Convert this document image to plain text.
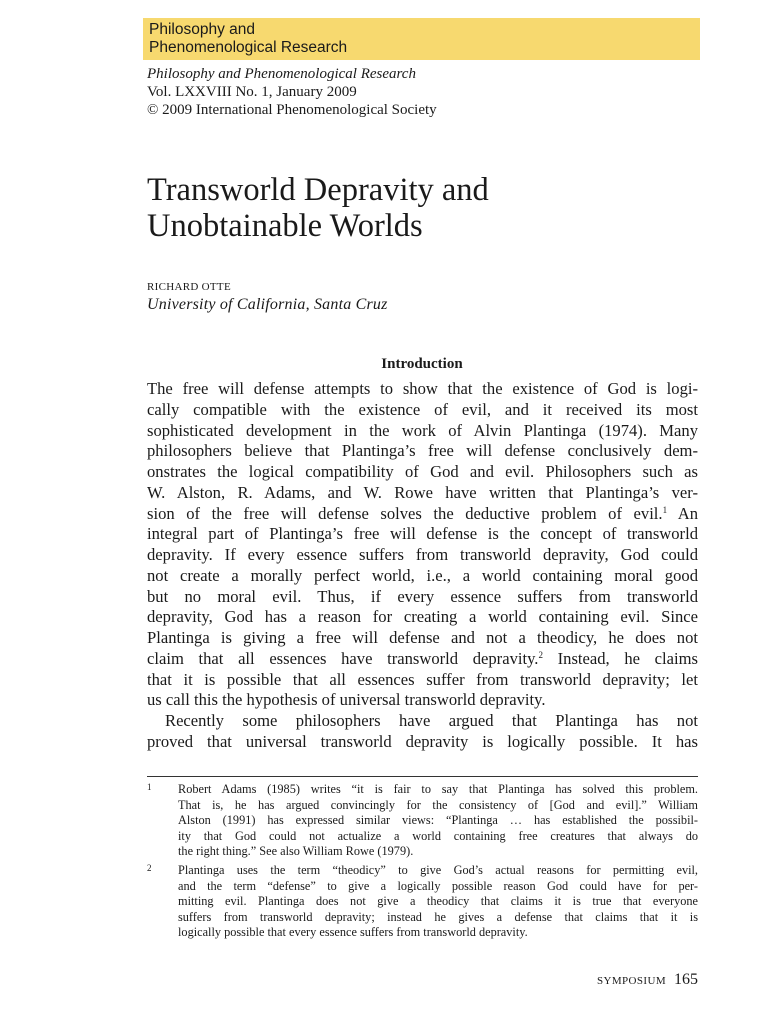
Philosophy and
Phenomenological Research
Philosophy and Phenomenological Research
Vol. LXXVIII No. 1, January 2009
© 2009 International Phenomenological Society
Transworld Depravity and
Unobtainable Worlds
RICHARD OTTE
University of California, Santa Cruz
Introduction
The free will defense attempts to show that the existence of God is logi-
cally compatible with the existence of evil, and it received its most
sophisticated development in the work of Alvin Plantinga (1974). Many
philosophers believe that Plantinga’s free will defense conclusively dem-
onstrates the logical compatibility of God and evil. Philosophers such as
W. Alston, R. Adams, and W. Rowe have written that Plantinga’s ver-
sion of the free will defense solves the deductive problem of evil.$^1$ An
integral part of Plantinga’s free will defense is the concept of transworld
depravity. If every essence suffers from transworld depravity, God could
not create a morally perfect world, i.e., a world containing moral good
but no moral evil. Thus, if every essence suffers from transworld
depravity, God has a reason for creating a world containing evil. Since
Plantinga is giving a free will defense and not a theodicy, he does not
claim that all essences have transworld depravity.$^2$ Instead, he claims
that it is possible that all essences suffer from transworld depravity; let
us call this the hypothesis of universal transworld depravity.
Recently some philosophers have argued that Plantinga has not
proved that universal transworld depravity is logically possible. It has
1 Robert Adams (1985) writes “it is fair to say that Plantinga has solved this problem.
That is, he has argued convincingly for the consistency of [God and evil].” William
Alston (1991) has expressed similar views: “Plantinga … has established the possibil-
ity that God could not actualize a world containing free creatures that always do
the right thing.” See also William Rowe (1979).
2 Plantinga uses the term “theodicy” to give God’s actual reasons for permitting evil,
and the term “defense” to give a logically possible reason God could have for per-
mitting evil. Plantinga does not give a theodicy that claims it is true that everyone
suffers from transworld depravity; instead he gives a defense that claims that it is
logically possible that every essence suffers from transworld depravity.
SYMPOSIUM 165
